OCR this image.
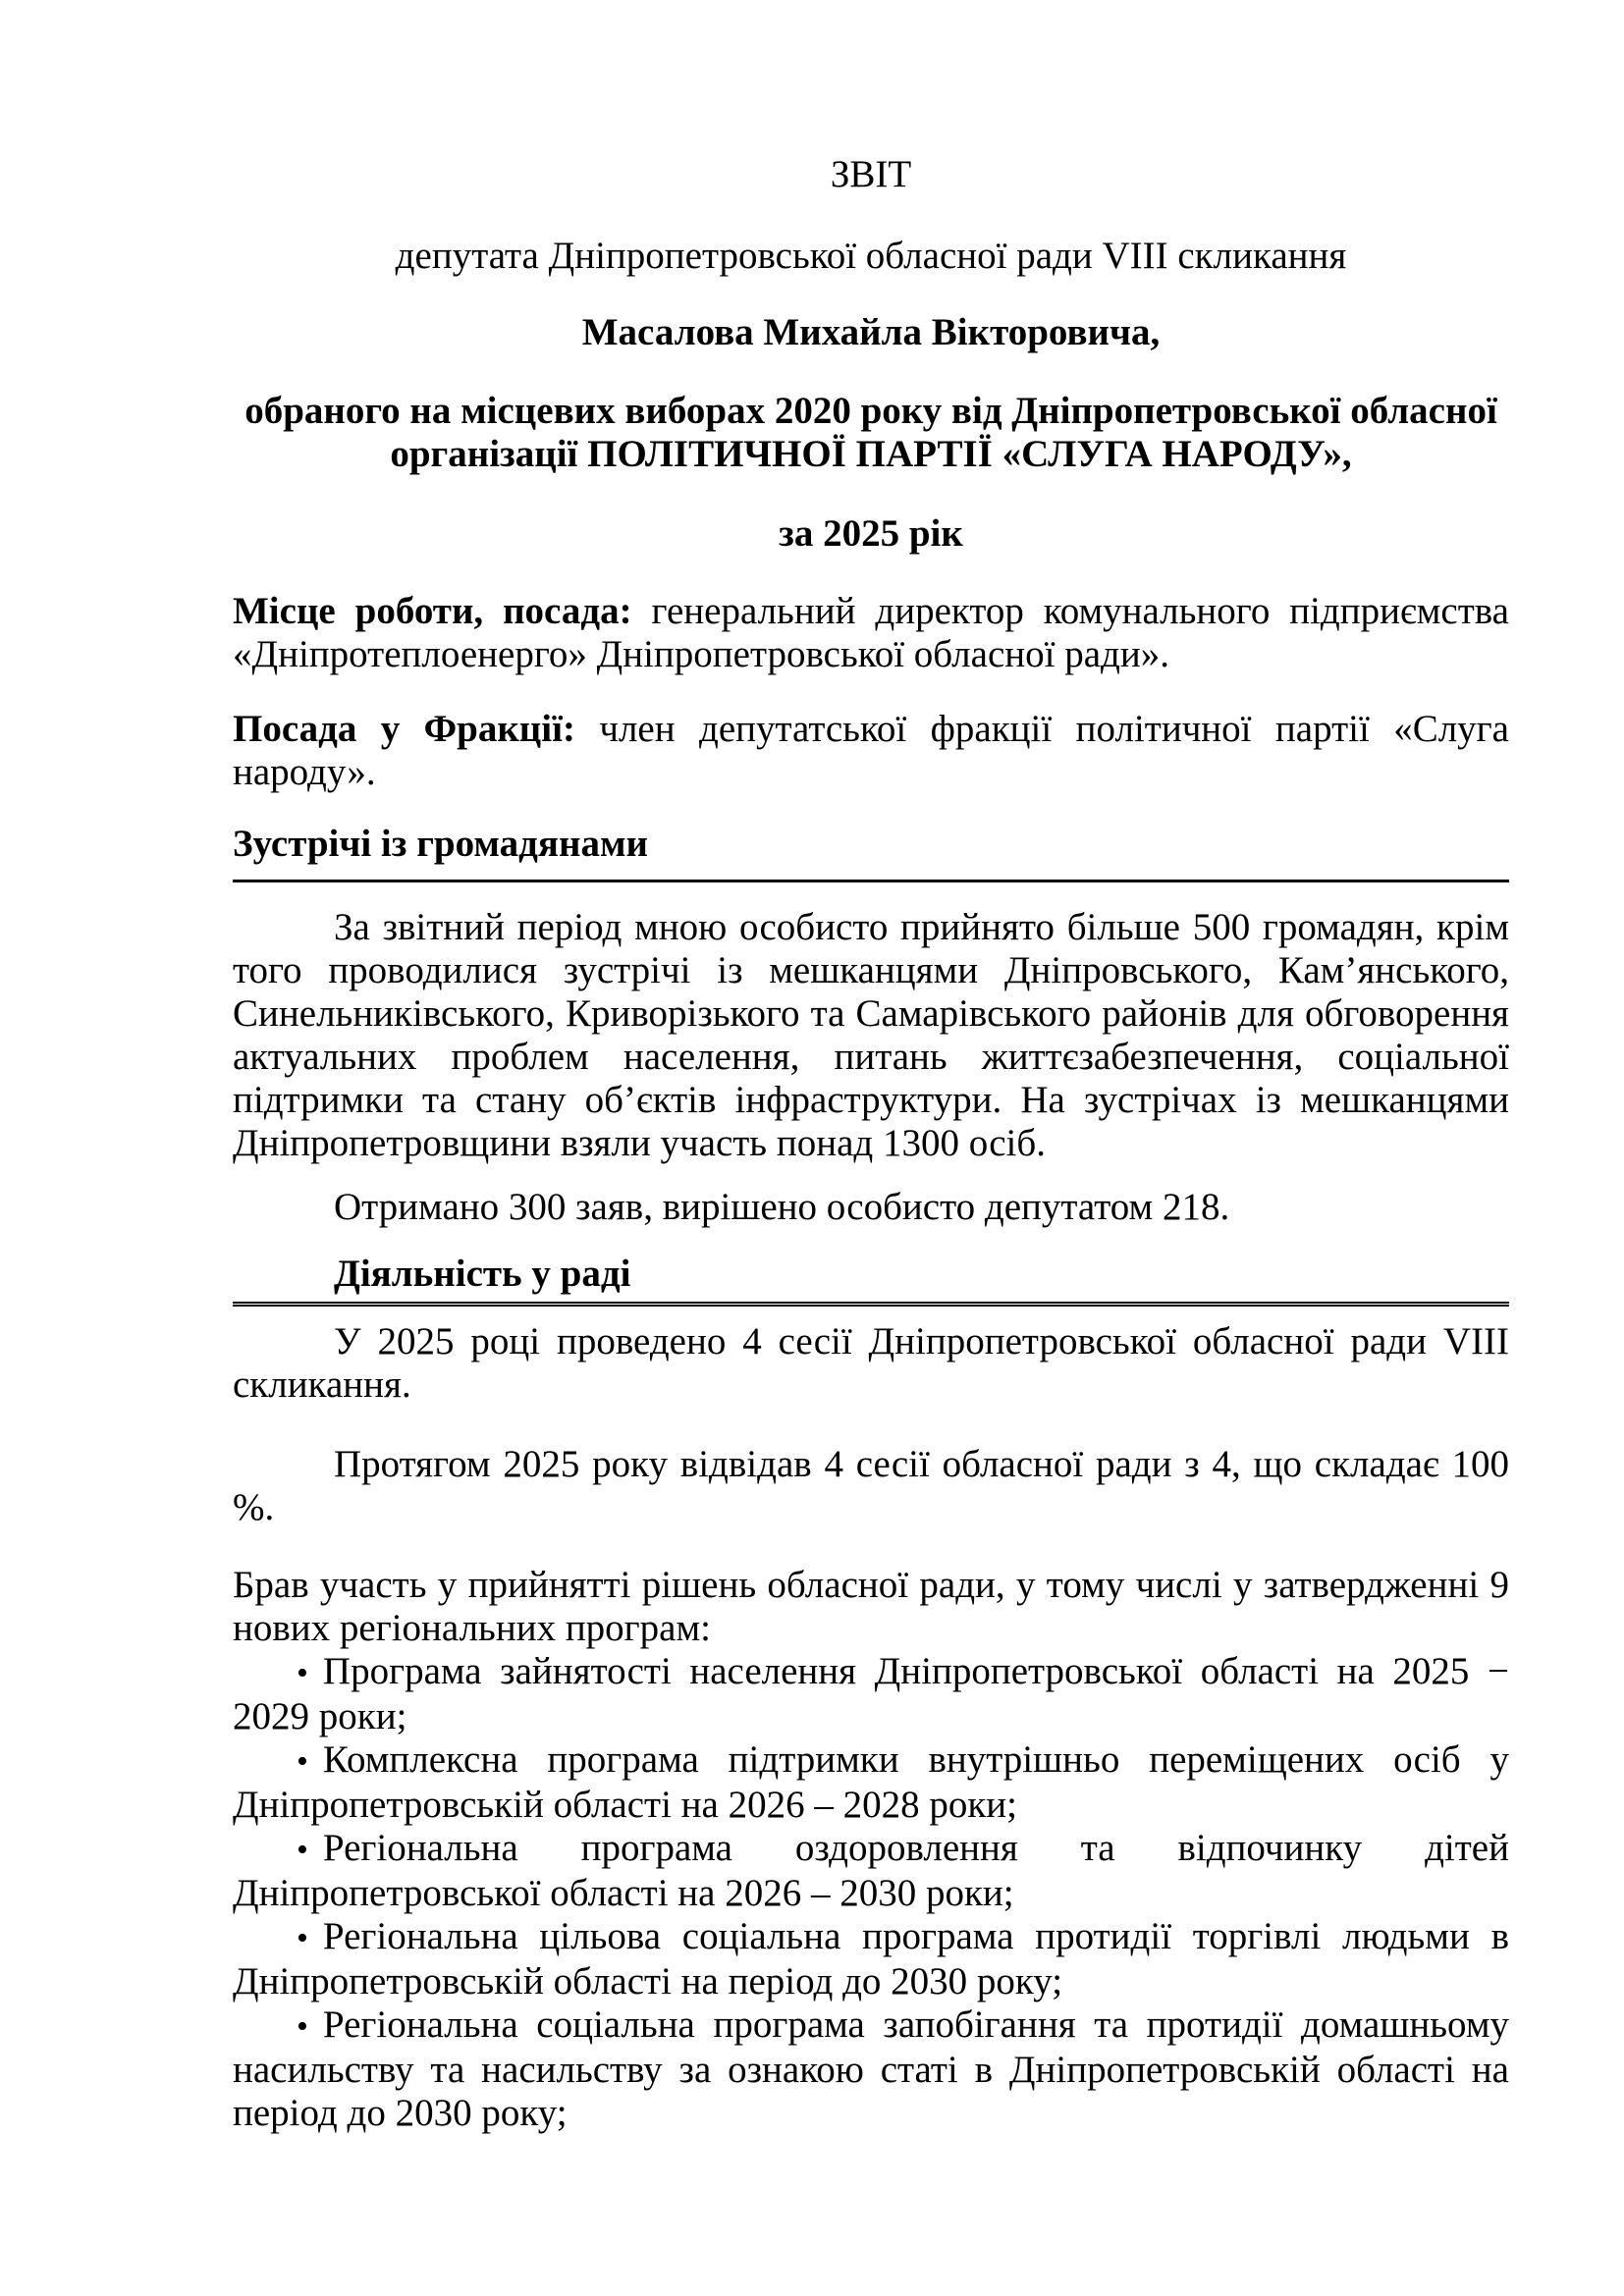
ЗВІТ

депутата Дніпропетровської обласної ради VIII скликання

Масалова Михайла Вікторовича,

обраного на місцевих виборах 2020 року від Дніпропетровської обласної організації ПОЛІТИЧНОЇ ПАРТІЇ «СЛУГА НАРОДУ»,

за 2025 рік

Місце роботи, посада: генеральний директор комунального підприємства «Дніпротеплоенерго» Дніпропетровської обласної ради».

Посада у Фракції: член депутатської фракції політичної партії «Слуга народу».

Зустрічі із громадянами

За звітний період мною особисто прийнято більше 500 громадян, крім того проводилися зустрічі із мешканцями Дніпровського, Кам’янського, Синельниківського, Криворізького та Самарівського районів для обговорення актуальних проблем населення, питань життєзабезпечення, соціальної підтримки та стану об’єктів інфраструктури. На зустрічах із мешканцями Дніпропетровщини взяли участь понад 1300 осіб.

Отримано 300 заяв, вирішено особисто депутатом 218.

Діяльність у раді

У 2025 році проведено 4 сесії Дніпропетровської обласної ради VIII скликання.

Протягом 2025 року відвідав 4 сесії обласної ради з 4, що складає 100 %.

Брав участь у прийнятті рішень обласної ради, у тому числі у затвердженні 9 нових регіональних програм:

• Програма зайнятості населення Дніпропетровської області на 2025 − 2029 роки;
• Комплексна програма підтримки внутрішньо переміщених осіб у Дніпропетровській області на 2026 – 2028 роки;
• Регіональна програма оздоровлення та відпочинку дітей Дніпропетровської області на 2026 – 2030 роки;
• Регіональна цільова соціальна програма протидії торгівлі людьми в Дніпропетровській області на період до 2030 року;
• Регіональна соціальна програма запобігання та протидії домашньому насильству та насильству за ознакою статі в Дніпропетровській області на період до 2030 року;
